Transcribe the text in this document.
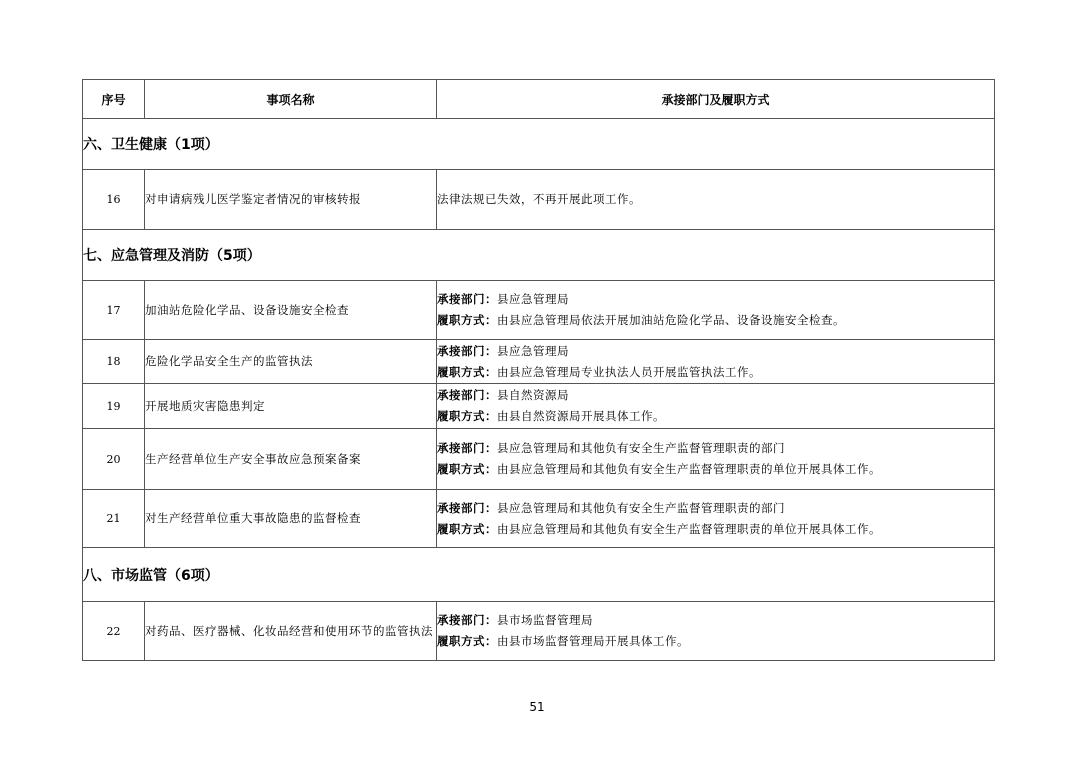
序号	事项名称	承接部门及履职方式
六、卫生健康（1项）		
16	对申请病残儿医学鉴定者情况的审核转报	法律法规已失效，不再开展此项工作。
七、应急管理及消防（5项）		
17	加油站危险化学品、设备设施安全检查	承接部门：县应急管理局
履职方式：由县应急管理局依法开展加油站危险化学品、设备设施安全检查。

18	危险化学品安全生产的监管执法	承接部门：县应急管理局
履职方式：由县应急管理局专业执法人员开展监管执法工作。

19	开展地质灾害隐患判定	承接部门：县自然资源局
履职方式：由县自然资源局开展具体工作。

20	生产经营单位生产安全事故应急预案备案	承接部门：县应急管理局和其他负有安全生产监督管理职责的部门
履职方式：由县应急管理局和其他负有安全生产监督管理职责的单位开展具体工作。

21	对生产经营单位重大事故隐患的监督检查	承接部门：县应急管理局和其他负有安全生产监督管理职责的部门
履职方式：由县应急管理局和其他负有安全生产监督管理职责的单位开展具体工作。

八、市场监管（6项）		
22	对药品、医疗器械、化妆品经营和使用环节的监管执法	承接部门：县市场监督管理局
履职方式：由县市场监督管理局开展具体工作。
51
